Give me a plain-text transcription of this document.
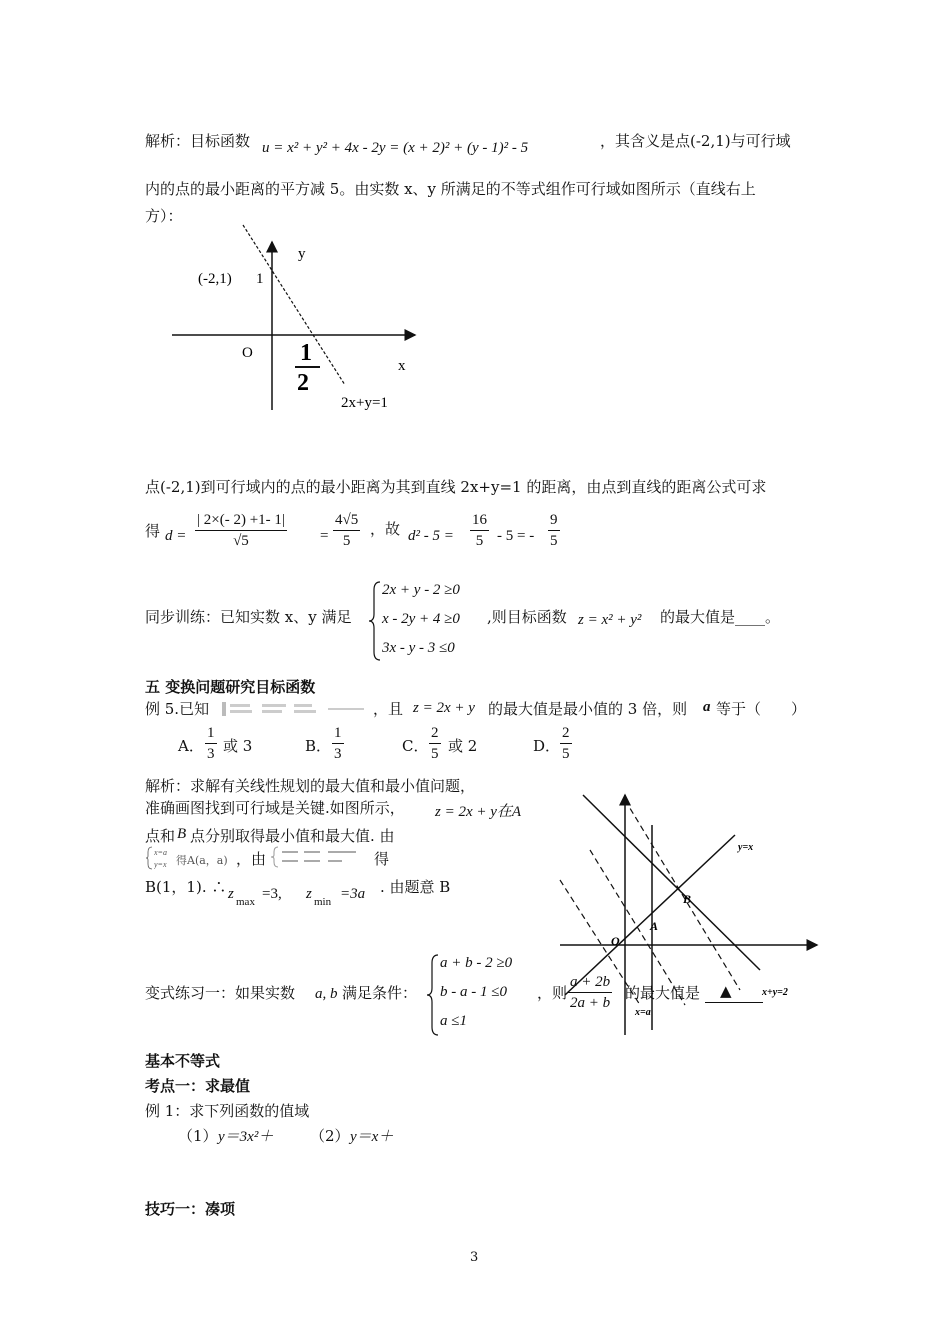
解析：目标函数 u = x² + y² + 4x - 2y = (x + 2)² + (y - 1)² - 5	，其含义是点(-2,1)与可行域
内的点的最小距离的平方减 5。由实数 x、y 所满足的不等式组作可行域如图所示（直线右上
方）：
y
x
O
(-2,1) 1
1
2
2x+y=1
点(-2,1)到可行域内的点的最小距离为其到直线 2x+y=1 的距离，由点到直线的距离公式可求
得 $d = \frac{| 2\times(- 2) +1- 1|}{√5} = \frac{4√5}{5}$ ，故 $d^2 - 5 = \frac{16}{5} - 5$ = - $\frac{9}{5}$
同步训练：已知实数 x、y 满足
2x + y - 2 ≥0
x - 2y + 4 ≥0
3x - y - 3 ≤0
,则目标函数 z = x² + y² 的最大值是____。
五 变换问题研究目标函数
例 5.已知	，且 z = 2x + y 的最大值是最小值的 3 倍，则 a 等于（　　）
A． $\frac{1}{3}$ 或 3	B． $\frac{1}{3}$	C． $\frac{2}{5}$ 或 2	D． $\frac{2}{5}$
解析：求解有关线性规划的最大值和最小值问题，
准确画图找到可行域是关键.如图所示， z = 2x + y在A
点和 B 点分别取得最小值和最大值. 由
x=a
y=x 得A(a，a) ，由	得
B(1，1). ∴ z max =3, z min =3a . 由题意 B
y=x
B
A
O
x+y=2
x=a
变式练习一：如果实数 a, b 满足条件：
a + b - 2 ≥0
b - a - 1 ≤0
a ≤1
，则 $\frac{a + 2b}{2a + b}$ 的最大值是 ▲
基本不等式
考点一：求最值
例 1：求下列函数的值域
（1） y＝3x²＋ （2） y＝x＋
技巧一：凑项
3
